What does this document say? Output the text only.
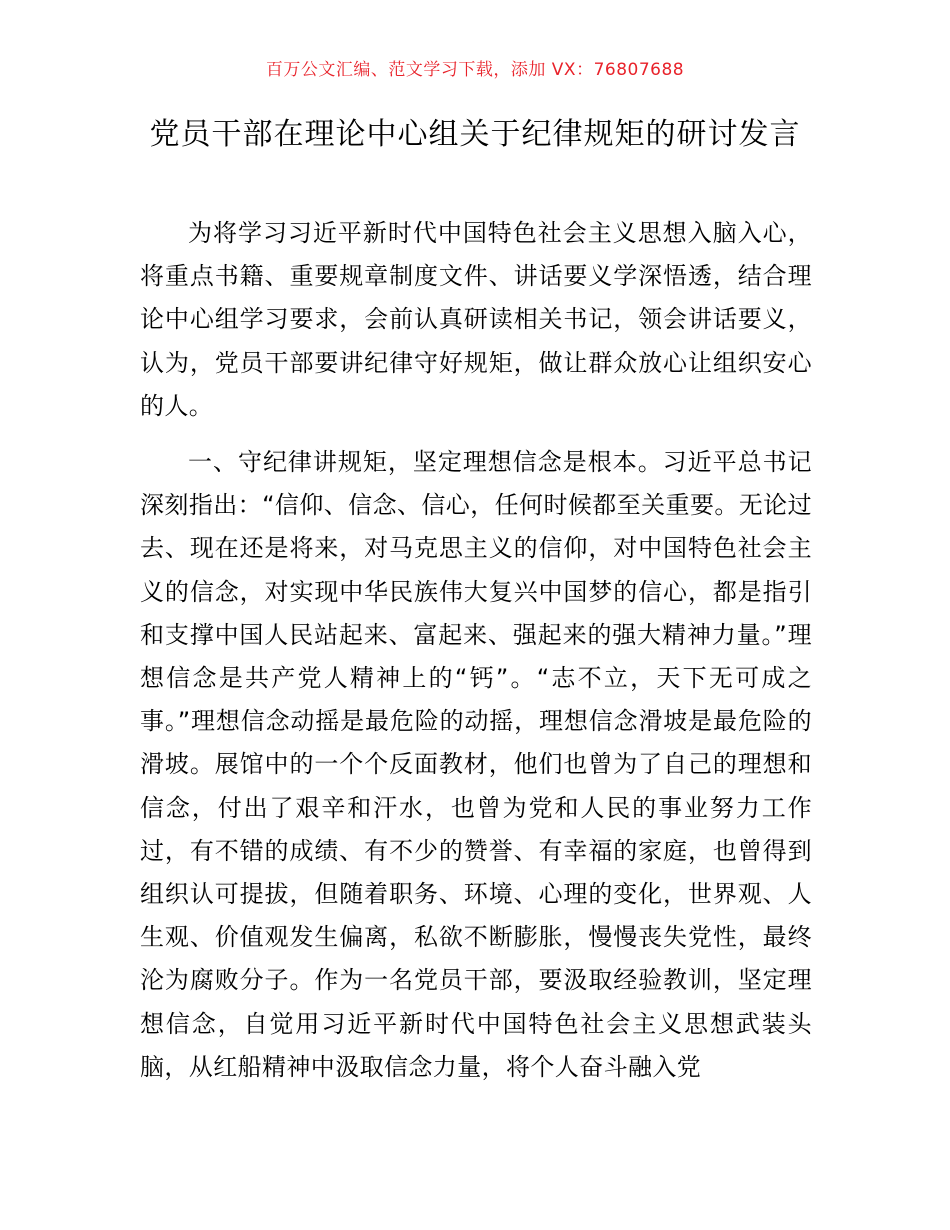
百万公文汇编、范文学习下载，添加 VX：76807688
党员干部在理论中心组关于纪律规矩的研讨发言

为将学习习近平新时代中国特色社会主义思想入脑入心，将重点书籍、重要规章制度文件、讲话要义学深悟透，结合理论中心组学习要求，会前认真研读相关书记，领会讲话要义，认为，党员干部要讲纪律守好规矩，做让群众放心让组织安心的人。

一、守纪律讲规矩，坚定理想信念是根本。习近平总书记深刻指出：“信仰、信念、信心，任何时候都至关重要。无论过去、现在还是将来，对马克思主义的信仰，对中国特色社会主义的信念，对实现中华民族伟大复兴中国梦的信心，都是指引和支撑中国人民站起来、富起来、强起来的强大精神力量。”理想信念是共产党人精神上的“钙”。“志不立，天下无可成之事。”理想信念动摇是最危险的动摇，理想信念滑坡是最危险的滑坡。展馆中的一个个反面教材，他们也曾为了自己的理想和信念，付出了艰辛和汗水，也曾为党和人民的事业努力工作过，有不错的成绩、有不少的赞誉、有幸福的家庭，也曾得到组织认可提拔，但随着职务、环境、心理的变化，世界观、人生观、价值观发生偏离，私欲不断膨胀，慢慢丧失党性，最终沦为腐败分子。作为一名党员干部，要汲取经验教训，坚定理想信念，自觉用习近平新时代中国特色社会主义思想武装头脑，从红船精神中汲取信念力量，将个人奋斗融入党
